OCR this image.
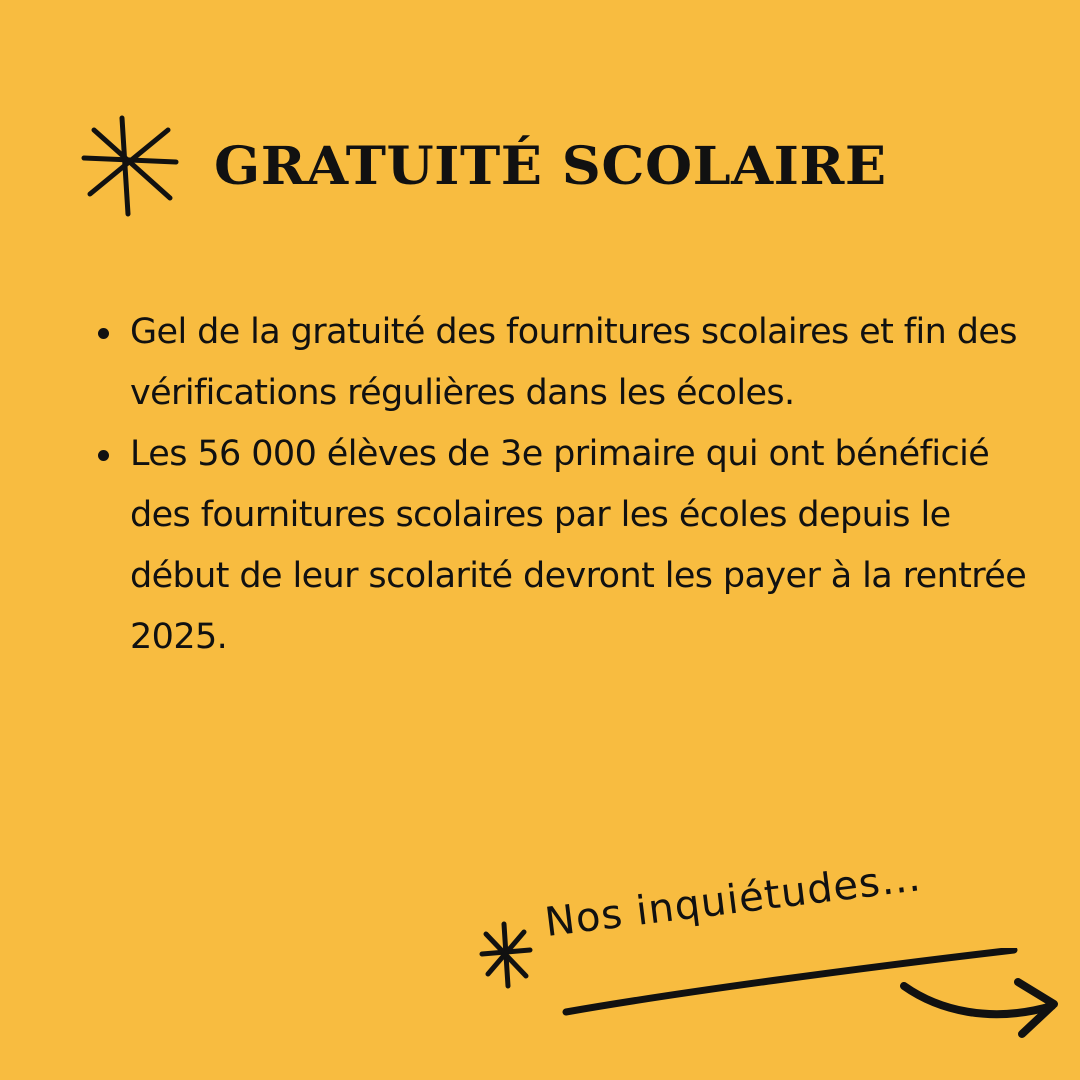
GRATUITÉ SCOLAIRE
Gel de la gratuité des fournitures scolaires et fin des vérifications régulières dans les écoles.
Les 56 000 élèves de 3e primaire qui ont bénéficié des fournitures scolaires par les écoles depuis le début de leur scolarité devront les payer à la rentrée 2025.
Nos inquiétudes…
